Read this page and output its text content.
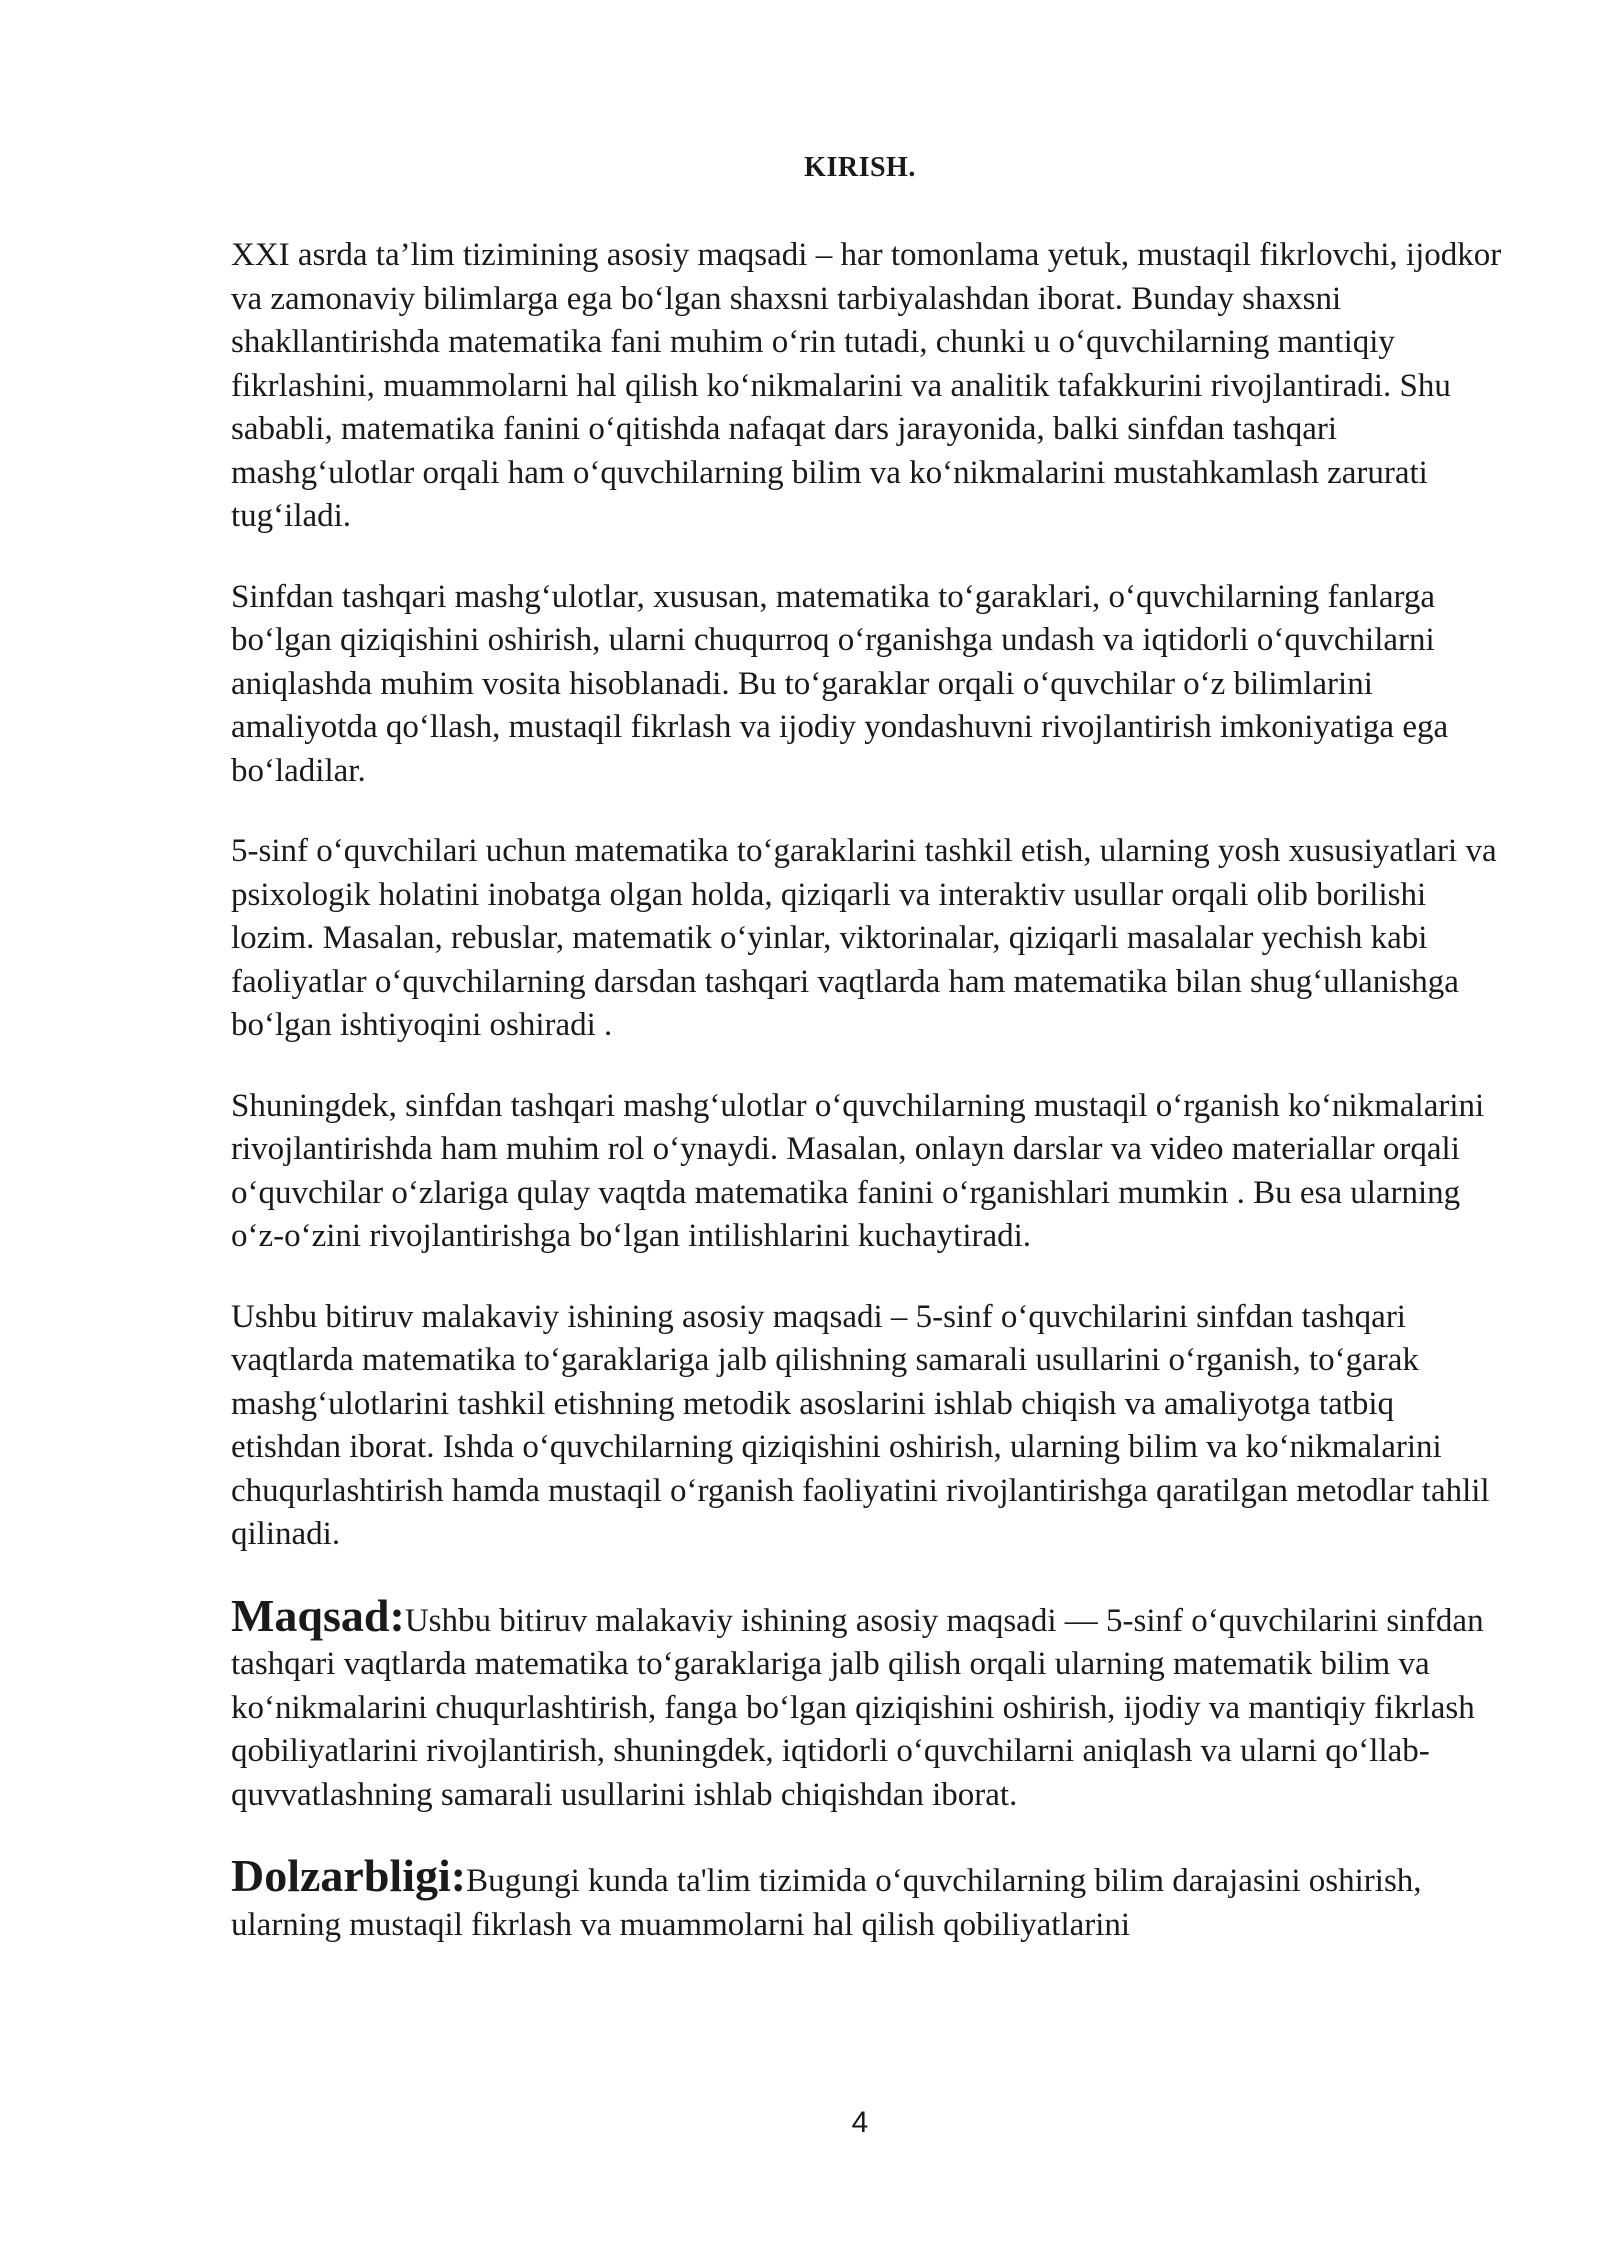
KIRISH.

XXI asrda ta’lim tizimining asosiy maqsadi – har tomonlama yetuk, mustaqil fikrlovchi, ijodkor va zamonaviy bilimlarga ega bo‘lgan shaxsni tarbiyalashdan iborat. Bunday shaxsni shakllantirishda matematika fani muhim o‘rin tutadi, chunki u o‘quvchilarning mantiqiy fikrlashini, muammolarni hal qilish ko‘nikmalarini va analitik tafakkurini rivojlantiradi. Shu sababli, matematika fanini o‘qitishda nafaqat dars jarayonida, balki sinfdan tashqari mashg‘ulotlar orqali ham o‘quvchilarning bilim va ko‘nikmalarini mustahkamlash zarurati tug‘iladi.

Sinfdan tashqari mashg‘ulotlar, xususan, matematika to‘garaklari, o‘quvchilarning fanlarga bo‘lgan qiziqishini oshirish, ularni chuqurroq o‘rganishga undash va iqtidorli o‘quvchilarni aniqlashda muhim vosita hisoblanadi. Bu to‘garaklar orqali o‘quvchilar o‘z bilimlarini amaliyotda qo‘llash, mustaqil fikrlash va ijodiy yondashuvni rivojlantirish imkoniyatiga ega bo‘ladilar.

5-sinf o‘quvchilari uchun matematika to‘garaklarini tashkil etish, ularning yosh xususiyatlari va psixologik holatini inobatga olgan holda, qiziqarli va interaktiv usullar orqali olib borilishi lozim. Masalan, rebuslar, matematik o‘yinlar, viktorinalar, qiziqarli masalalar yechish kabi faoliyatlar o‘quvchilarning darsdan tashqari vaqtlarda ham matematika bilan shug‘ullanishga bo‘lgan ishtiyoqini oshiradi .

Shuningdek, sinfdan tashqari mashg‘ulotlar o‘quvchilarning mustaqil o‘rganish ko‘nikmalarini rivojlantirishda ham muhim rol o‘ynaydi. Masalan, onlayn darslar va video materiallar orqali o‘quvchilar o‘zlariga qulay vaqtda matematika fanini o‘rganishlari mumkin . Bu esa ularning o‘z-o‘zini rivojlantirishga bo‘lgan intilishlarini kuchaytiradi.

Ushbu bitiruv malakaviy ishining asosiy maqsadi – 5-sinf o‘quvchilarini sinfdan tashqari vaqtlarda matematika to‘garaklariga jalb qilishning samarali usullarini o‘rganish, to‘garak mashg‘ulotlarini tashkil etishning metodik asoslarini ishlab chiqish va amaliyotga tatbiq etishdan iborat. Ishda o‘quvchilarning qiziqishini oshirish, ularning bilim va ko‘nikmalarini chuqurlashtirish hamda mustaqil o‘rganish faoliyatini rivojlantirishga qaratilgan metodlar tahlil qilinadi.

Maqsad:Ushbu bitiruv malakaviy ishining asosiy maqsadi — 5-sinf o‘quvchilarini sinfdan tashqari vaqtlarda matematika to‘garaklariga jalb qilish orqali ularning matematik bilim va ko‘nikmalarini chuqurlashtirish, fanga bo‘lgan qiziqishini oshirish, ijodiy va mantiqiy fikrlash qobiliyatlarini rivojlantirish, shuningdek, iqtidorli o‘quvchilarni aniqlash va ularni qo‘llab-quvvatlashning samarali usullarini ishlab chiqishdan iborat.

Dolzarbligi:Bugungi kunda ta'lim tizimida o‘quvchilarning bilim darajasini oshirish, ularning mustaqil fikrlash va muammolarni hal qilish qobiliyatlarini

4
